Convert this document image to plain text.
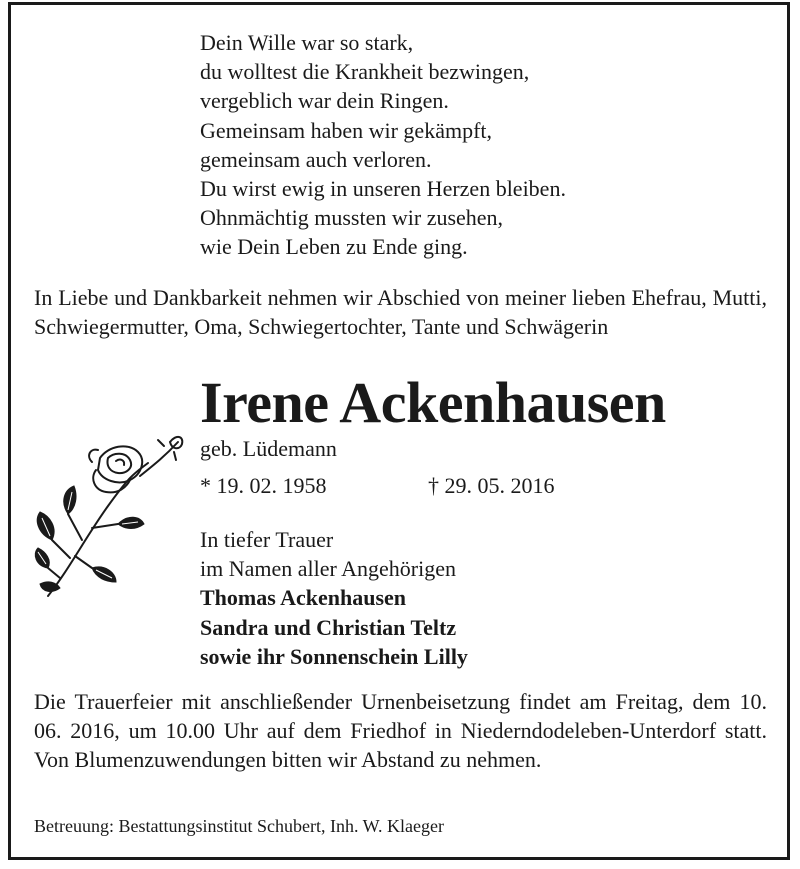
Dein Wille war so stark,
du wolltest die Krankheit bezwingen,
vergeblich war dein Ringen.
Gemeinsam haben wir gekämpft,
gemeinsam auch verloren.
Du wirst ewig in unseren Herzen bleiben.
Ohnmächtig mussten wir zusehen,
wie Dein Leben zu Ende ging.
In Liebe und Dankbarkeit nehmen wir Abschied von meiner lieben Ehefrau, Mutti, Schwiegermutter, Oma, Schwiegertochter, Tante und Schwägerin
Irene Ackenhausen
geb. Lüdemann
* 19. 02. 1958	† 29. 05. 2016
In tiefer Trauer
im Namen aller Angehörigen
Thomas Ackenhausen
Sandra und Christian Teltz
sowie ihr Sonnenschein Lilly
Die Trauerfeier mit anschließender Urnenbeisetzung findet am Freitag, dem 10. 06. 2016, um 10.00 Uhr auf dem Friedhof in Niederndodeleben-Unterdorf statt. Von Blumenzuwendungen bitten wir Abstand zu nehmen.
Betreuung: Bestattungsinstitut Schubert, Inh. W. Klaeger
